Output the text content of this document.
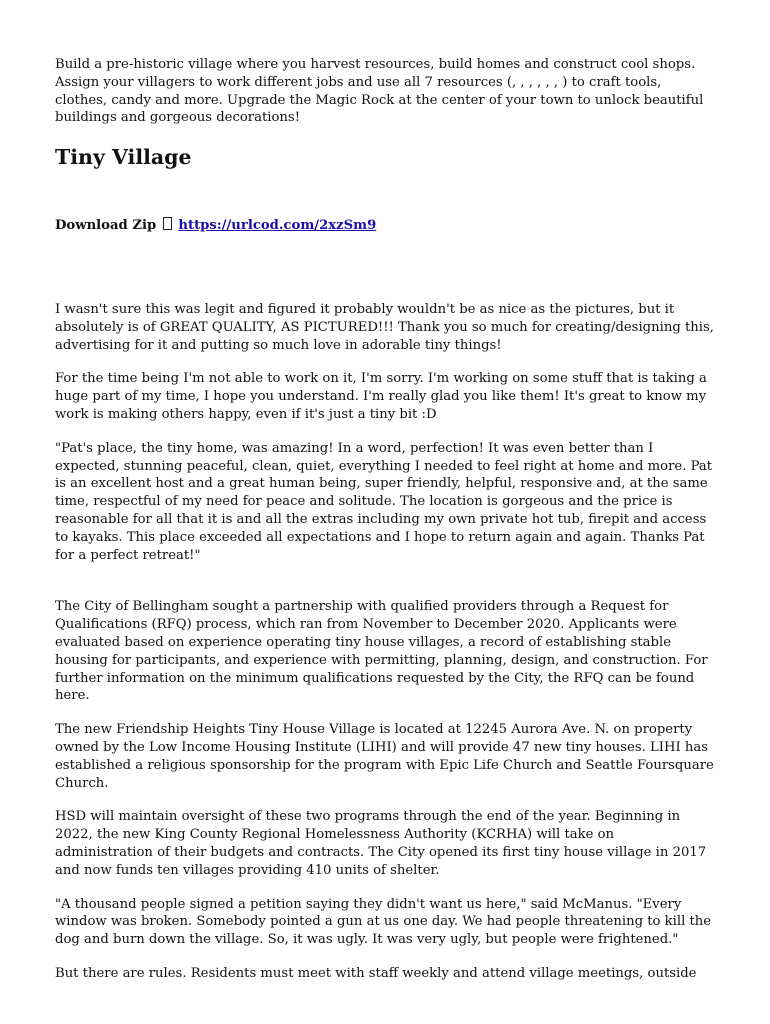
Build a pre-historic village where you harvest resources, build homes and construct cool shops. Assign your villagers to work different jobs and use all 7 resources (, , , , , , ) to craft tools, clothes, candy and more. Upgrade the Magic Rock at the center of your town to unlock beautiful buildings and gorgeous decorations!

Tiny Village
Download Zip https://urlcod.com/2xzSm9

I wasn't sure this was legit and figured it probably wouldn't be as nice as the pictures, but it absolutely is of GREAT QUALITY, AS PICTURED!!! Thank you so much for creating/designing this, advertising for it and putting so much love in adorable tiny things!

For the time being I'm not able to work on it, I'm sorry. I'm working on some stuff that is taking a huge part of my time, I hope you understand. I'm really glad you like them! It's great to know my work is making others happy, even if it's just a tiny bit :D

"Pat's place, the tiny home, was amazing! In a word, perfection! It was even better than I expected, stunning peaceful, clean, quiet, everything I needed to feel right at home and more. Pat is an excellent host and a great human being, super friendly, helpful, responsive and, at the same time, respectful of my need for peace and solitude. The location is gorgeous and the price is reasonable for all that it is and all the extras including my own private hot tub, firepit and access to kayaks. This place exceeded all expectations and I hope to return again and again. Thanks Pat for a perfect retreat!"

The City of Bellingham sought a partnership with qualified providers through a Request for Qualifications (RFQ) process, which ran from November to December 2020. Applicants were evaluated based on experience operating tiny house villages, a record of establishing stable housing for participants, and experience with permitting, planning, design, and construction. For further information on the minimum qualifications requested by the City, the RFQ can be found here.

The new Friendship Heights Tiny House Village is located at 12245 Aurora Ave. N. on property owned by the Low Income Housing Institute (LIHI) and will provide 47 new tiny houses. LIHI has established a religious sponsorship for the program with Epic Life Church and Seattle Foursquare Church.

HSD will maintain oversight of these two programs through the end of the year. Beginning in 2022, the new King County Regional Homelessness Authority (KCRHA) will take on administration of their budgets and contracts. The City opened its first tiny house village in 2017 and now funds ten villages providing 410 units of shelter.

"A thousand people signed a petition saying they didn't want us here," said McManus. "Every window was broken. Somebody pointed a gun at us one day. We had people threatening to kill the dog and burn down the village. So, it was ugly. It was very ugly, but people were frightened."

But there are rules. Residents must meet with staff weekly and attend village meetings, outside
